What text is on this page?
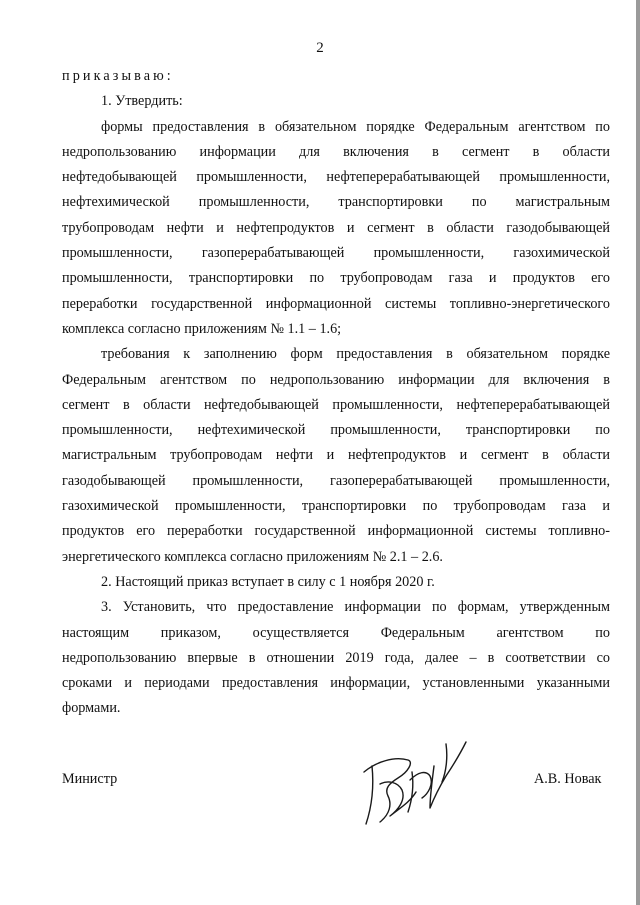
2
приказываю:
1. Утвердить:
формы предоставления в обязательном порядке Федеральным агентством по
недропользованию информации для включения в сегмент в области
нефтедобывающей промышленности, нефтеперерабатывающей промышленности,
нефтехимической промышленности, транспортировки по магистральным
трубопроводам нефти и нефтепродуктов и сегмент в области газодобывающей
промышленности, газоперерабатывающей промышленности, газохимической
промышленности, транспортировки по трубопроводам газа и продуктов его
переработки государственной информационной системы топливно-энергетического
комплекса согласно приложениям № 1.1 – 1.6;
требования к заполнению форм предоставления в обязательном порядке
Федеральным агентством по недропользованию информации для включения в
сегмент в области нефтедобывающей промышленности, нефтеперерабатывающей
промышленности, нефтехимической промышленности, транспортировки по
магистральным трубопроводам нефти и нефтепродуктов и сегмент в области
газодобывающей промышленности, газоперерабатывающей промышленности,
газохимической промышленности, транспортировки по трубопроводам газа и
продуктов его переработки государственной информационной системы топливно-
энергетического комплекса согласно приложениям № 2.1 – 2.6.
2. Настоящий приказ вступает в силу с 1 ноября 2020 г.
3. Установить, что предоставление информации по формам, утвержденным
настоящим приказом, осуществляется Федеральным агентством по
недропользованию впервые в отношении 2019 года, далее – в соответствии со
сроками и периодами предоставления информации, установленными указанными
формами.
Министр	А.В. Новак
